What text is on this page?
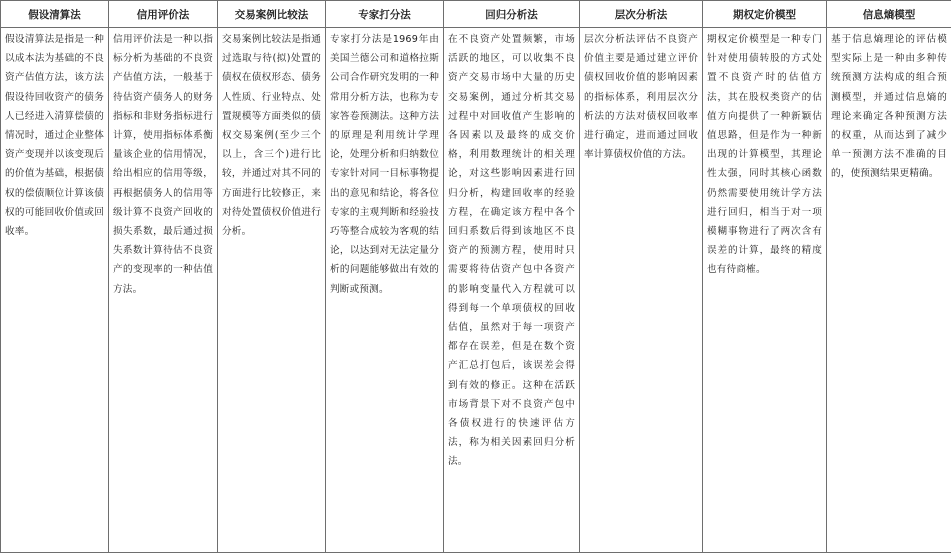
假设清算法	信用评价法	交易案例比较法	专家打分法	回归分析法	层次分析法	期权定价模型	信息熵模型
假设清算法是指是一种以成本法为基础的不良资产估值方法，该方法假设待回收资产的债务人已经进入清算偿债的情况时，通过企业整体资产变现并以该变现后的价值为基础，根据债权的偿债顺位计算该债权的可能回收价值或回收率。	信用评价法是一种以指标分析为基础的不良资产估值方法，一般基于待估资产债务人的财务指标和非财务指标进行计算，使用指标体系衡量该企业的信用情况，给出相应的信用等级，再根据债务人的信用等级计算不良资产回收的损失系数，最后通过损失系数计算待估不良资产的变现率的一种估值方法。	交易案例比较法是指通过选取与待(拟)处置的债权在债权形态、债务人性质、行业特点、处置规模等方面类似的债权交易案例(至少三个以上，含三个)进行比较，并通过对其不同的方面进行比较修正，来对待处置债权价值进行分析。	专家打分法是1969年由美国兰德公司和道格拉斯公司合作研究发明的一种常用分析方法，也称为专家答卷预测法。这种方法的原理是利用统计学理论，处理分析和归纳数位专家针对同一目标事物提出的意见和结论，将各位专家的主观判断和经验技巧等整合成较为客观的结论，以达到对无法定量分析的问题能够做出有效的判断或预测。	在不良资产处置频繁，市场活跃的地区，可以收集不良资产交易市场中大量的历史交易案例，通过分析其交易过程中对回收值产生影响的各因素以及最终的成交价格，利用数理统计的相关理论，对这些影响因素进行回归分析，构建回收率的经验方程，在确定该方程中各个回归系数后得到该地区不良资产的预测方程，使用时只需要将待估资产包中各资产的影响变量代入方程就可以得到每一个单项债权的回收估值，虽然对于每一项资产都存在误差，但是在数个资产汇总打包后，该误差会得到有效的修正。这种在活跃市场背景下对不良资产包中各债权进行的快速评估方法，称为相关因素回归分析法。	层次分析法评估不良资产价值主要是通过建立评价债权回收价值的影响因素的指标体系，利用层次分析法的方法对债权回收率进行确定，进而通过回收率计算债权价值的方法。	期权定价模型是一种专门针对使用债转股的方式处置不良资产时的估值方法，其在股权类资产的估值方向提供了一种新颖估值思路，但是作为一种新出现的计算模型，其理论性太强，同时其核心函数仍然需要使用统计学方法进行回归，相当于对一项模糊事物进行了两次含有误差的计算，最终的精度也有待商榷。	基于信息熵理论的评估模型实际上是一种由多种传统预测方法构成的组合预测模型，并通过信息熵的理论来确定各种预测方法的权重，从而达到了减少单一预测方法不准确的目的，使预测结果更精确。
